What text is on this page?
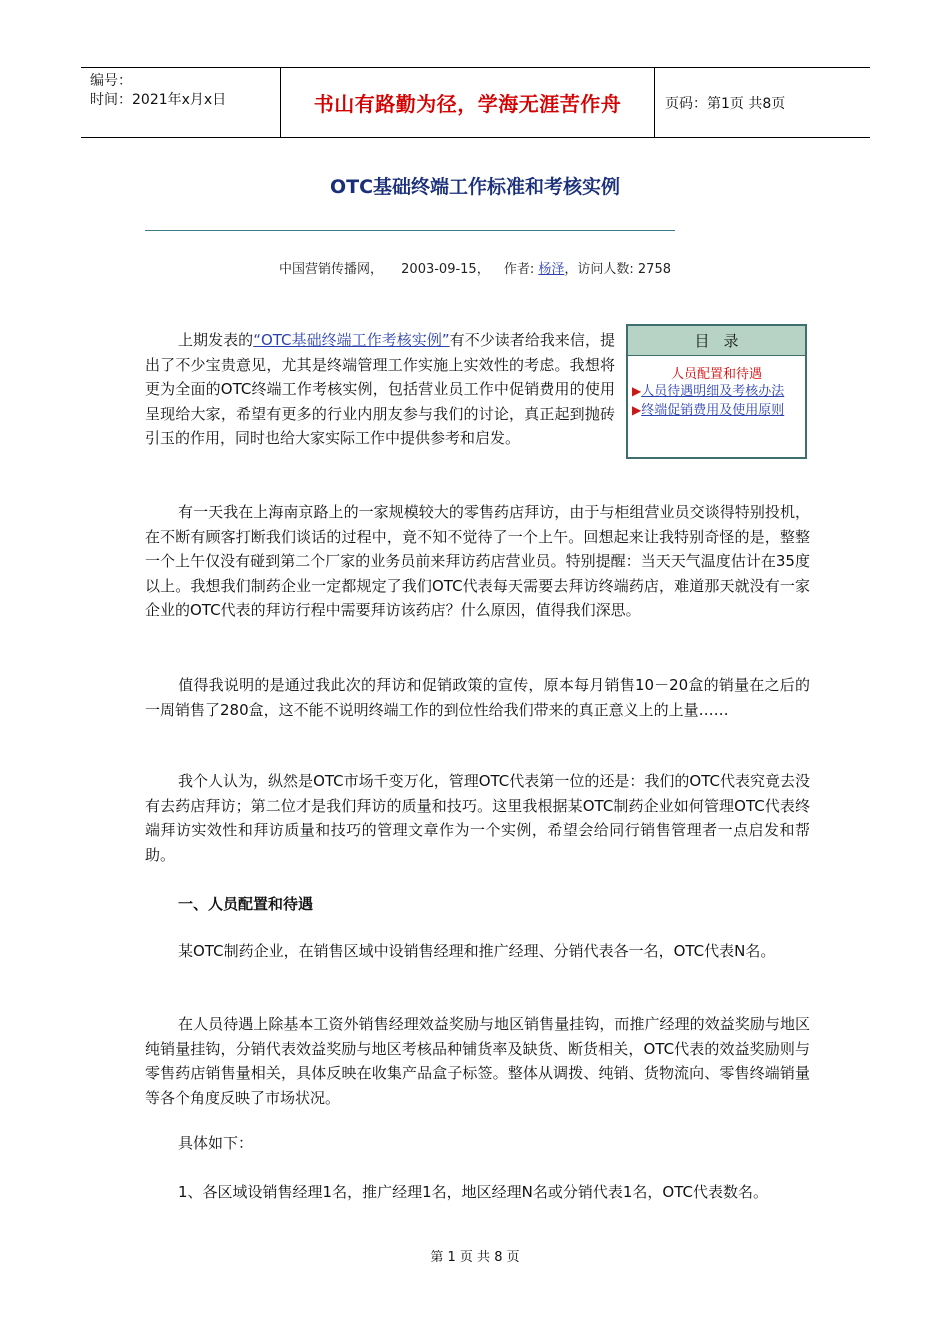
编号：
时间：2021年x月x日	书山有路勤为径，学海无涯苦作舟	页码：第1页 共8页
OTC基础终端工作标准和考核实例
中国营销传播网， 2003-09-15， 作者: 杨泽，访问人数: 2758
上期发表的“OTC基础终端工作考核实例”有不少读者给我来信，提出了不少宝贵意见，尤其是终端管理工作实施上实效性的考虑。我想将更为全面的OTC终端工作考核实例，包括营业员工作中促销费用的使用呈现给大家，希望有更多的行业内朋友参与我们的讨论，真正起到抛砖引玉的作用，同时也给大家实际工作中提供参考和启发。
目录
人员配置和待遇
▶人员待遇明细及考核办法
▶终端促销费用及使用原则
有一天我在上海南京路上的一家规模较大的零售药店拜访，由于与柜组营业员交谈得特别投机，在不断有顾客打断我们谈话的过程中，竟不知不觉待了一个上午。回想起来让我特别奇怪的是，整整一个上午仅没有碰到第二个厂家的业务员前来拜访药店营业员。特别提醒：当天天气温度估计在35度以上。我想我们制药企业一定都规定了我们OTC代表每天需要去拜访终端药店，难道那天就没有一家企业的OTC代表的拜访行程中需要拜访该药店？什么原因，值得我们深思。
值得我说明的是通过我此次的拜访和促销政策的宣传，原本每月销售10－20盒的销量在之后的一周销售了280盒，这不能不说明终端工作的到位性给我们带来的真正意义上的上量……
我个人认为，纵然是OTC市场千变万化，管理OTC代表第一位的还是：我们的OTC代表究竟去没有去药店拜访；第二位才是我们拜访的质量和技巧。这里我根据某OTC制药企业如何管理OTC代表终端拜访实效性和拜访质量和技巧的管理文章作为一个实例，希望会给同行销售管理者一点启发和帮助。
一、人员配置和待遇
某OTC制药企业，在销售区域中设销售经理和推广经理、分销代表各一名，OTC代表N名。
在人员待遇上除基本工资外销售经理效益奖励与地区销售量挂钩，而推广经理的效益奖励与地区纯销量挂钩，分销代表效益奖励与地区考核品种铺货率及缺货、断货相关，OTC代表的效益奖励则与零售药店销售量相关，具体反映在收集产品盒子标签。整体从调拨、纯销、货物流向、零售终端销量等各个角度反映了市场状况。
具体如下：
1、各区域设销售经理1名，推广经理1名，地区经理N名或分销代表1名，OTC代表数名。
第 1 页 共 8 页
